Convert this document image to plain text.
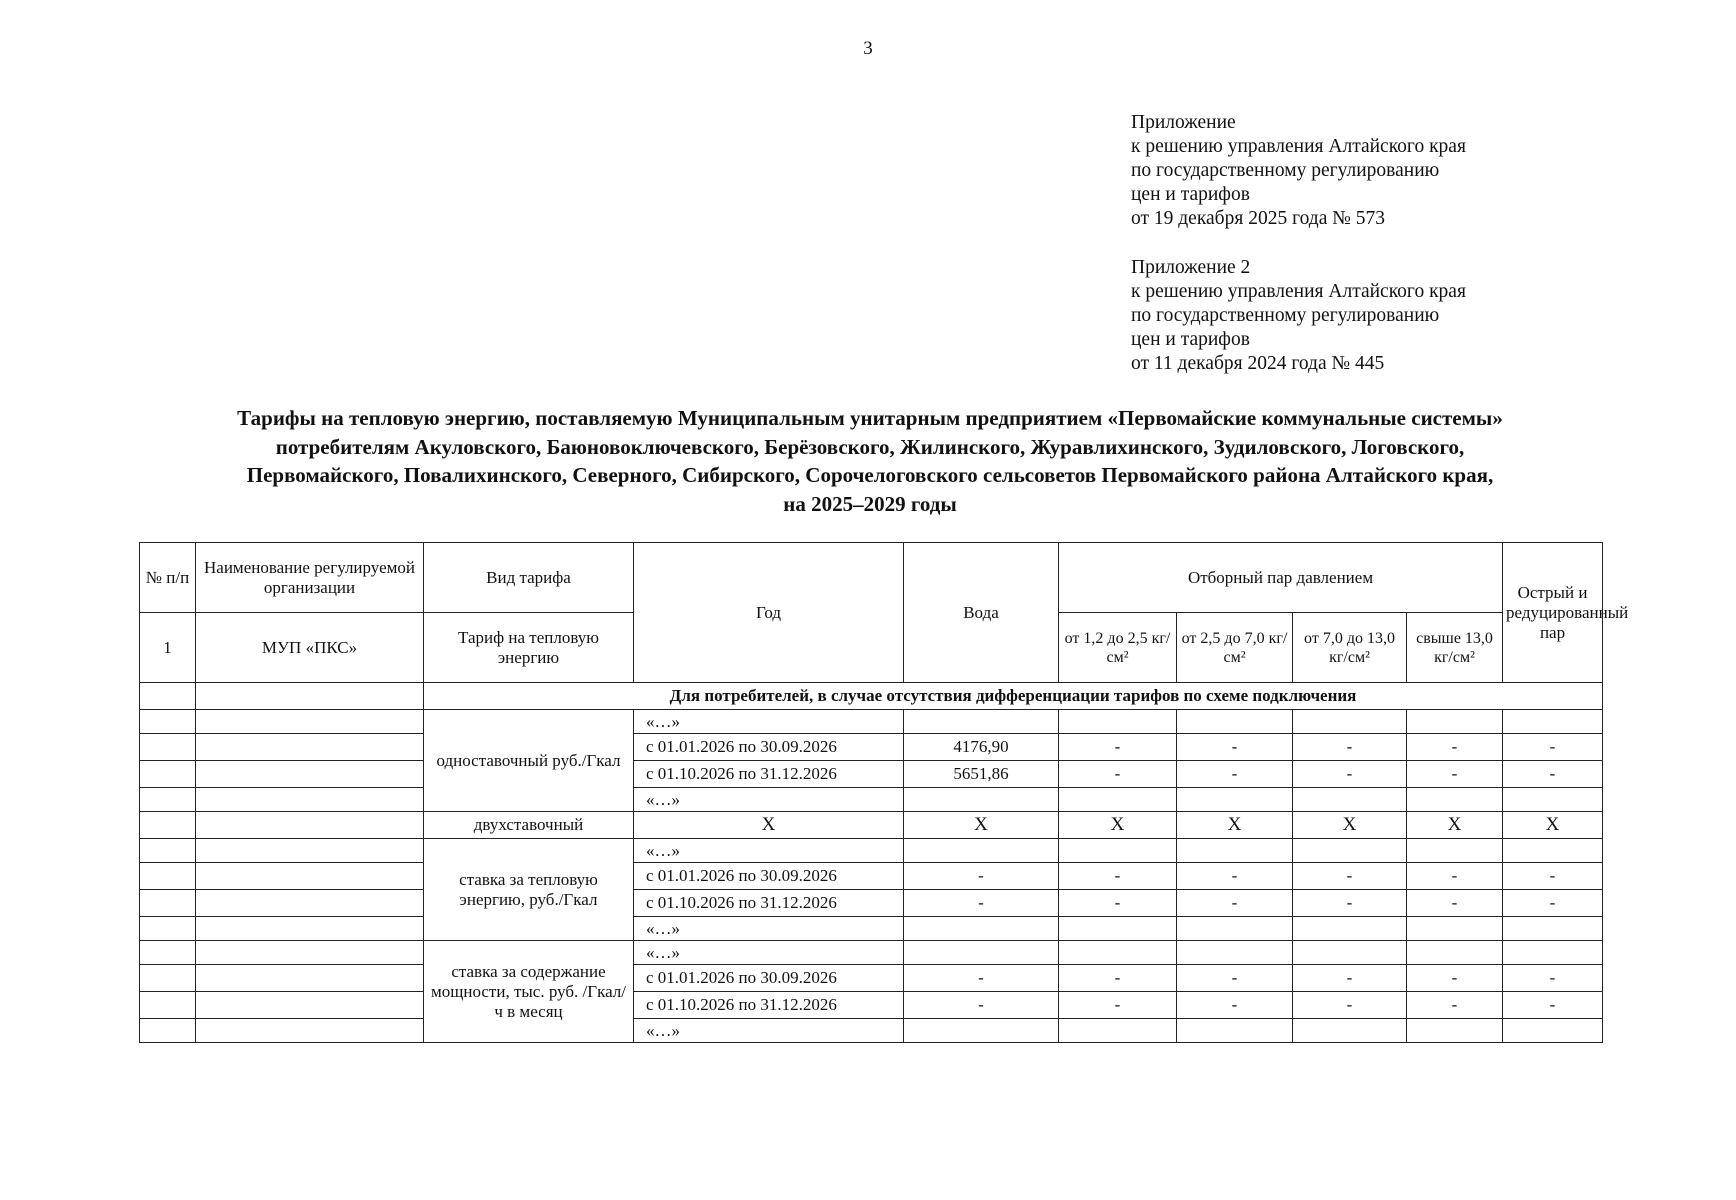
3
Приложение
к решению управления Алтайского края
по государственному регулированию
цен и тарифов
от 19 декабря 2025 года № 573
Приложение 2
к решению управления Алтайского края
по государственному регулированию
цен и тарифов
от 11 декабря 2024 года № 445
Тарифы на тепловую энергию, поставляемую Муниципальным унитарным предприятием «Первомайские коммунальные системы»
потребителям Акуловского, Баюновоключевского, Берёзовского, Жилинского, Журавлихинского, Зудиловского, Логовского,
Первомайского, Повалихинского, Северного, Сибирского, Сорочелоговского сельсоветов Первомайского района Алтайского края,
на 2025–2029 годы
№ п/п	Наименование регулируемой организации	Вид тарифа	Год	Вода	Отборный пар давлением				Острый и редуцированный пар
1	МУП «ПКС»	Тариф на тепловую энергию			от 1,2 до 2,5 кг/см²	от 2,5 до 7,0 кг/см²	от 7,0 до 13,0 кг/см²	свыше 13,0 кг/см²	
		Для потребителей, в случае отсутствия дифференциации тарифов по схеме подключения							
		одноставочный руб./Гкал	«…»						
			с 01.01.2026 по 30.09.2026	4176,90	-	-	-	-	-
			с 01.10.2026 по 31.12.2026	5651,86	-	-	-	-	-
			«…»						
		двухставочный	Х	Х	Х	Х	Х	Х	Х
		ставка за тепловую энергию, руб./Гкал	«…»						
			с 01.01.2026 по 30.09.2026	-	-	-	-	-	-
			с 01.10.2026 по 31.12.2026	-	-	-	-	-	-
			«…»						
		ставка за содержание мощности, тыс. руб. /Гкал/ч в месяц	«…»						
			с 01.01.2026 по 30.09.2026	-	-	-	-	-	-
			с 01.10.2026 по 31.12.2026	-	-	-	-	-	-
			«…»						
